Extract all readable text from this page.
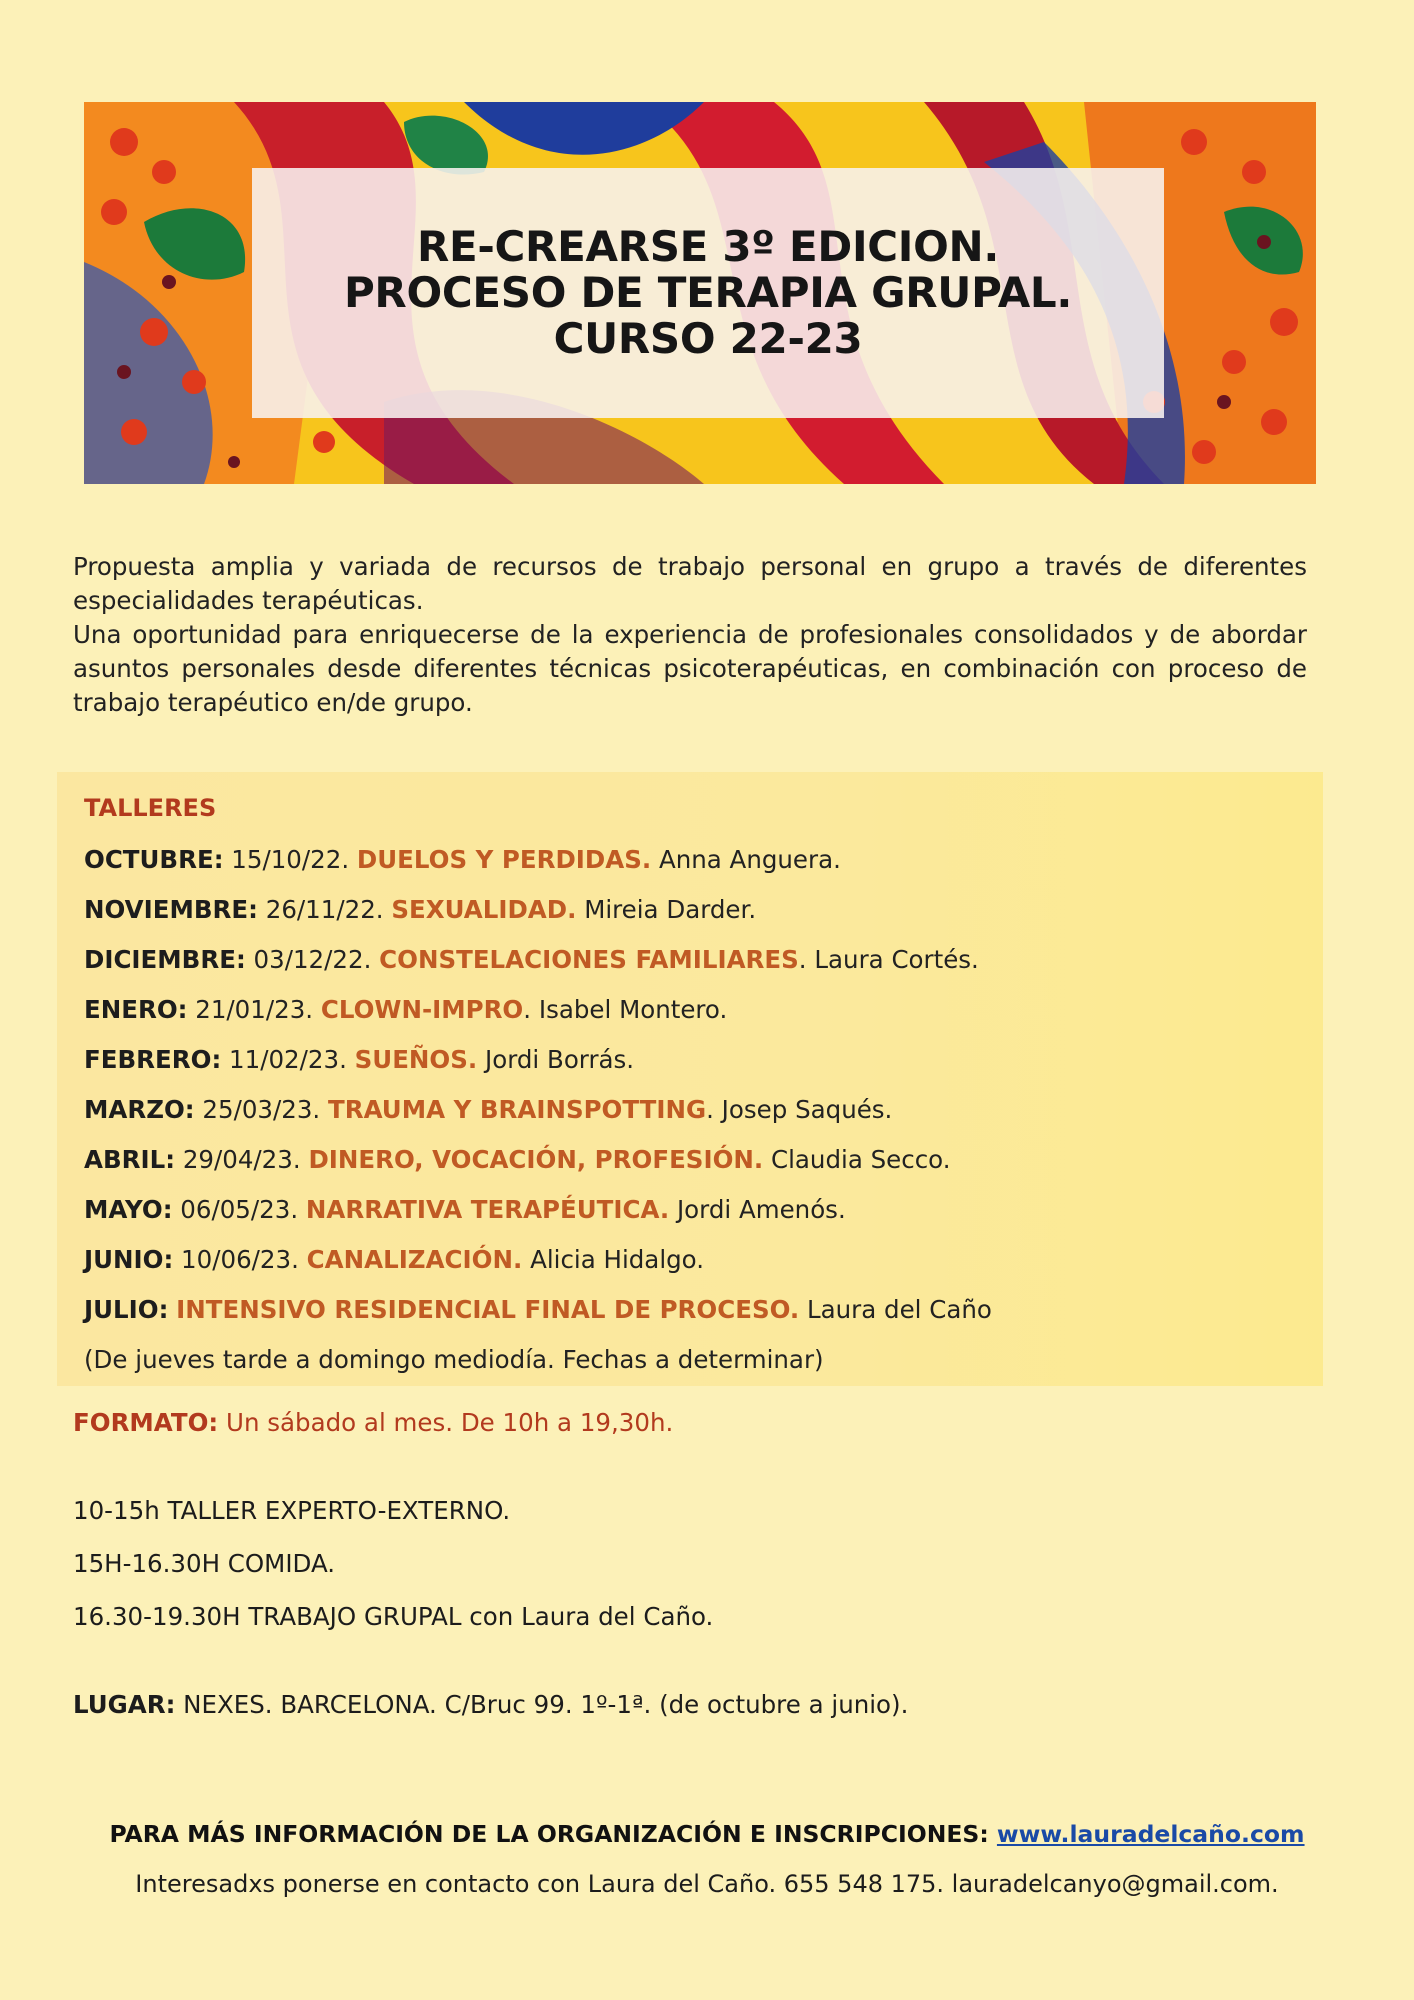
RE-CREARSE 3º EDICION.
PROCESO DE TERAPIA GRUPAL.
CURSO 22-23

Propuesta amplia y variada de recursos de trabajo personal en grupo a través de diferentes especialidades terapéuticas.

Una oportunidad para enriquecerse de la experiencia de profesionales consolidados y de abordar asuntos personales desde diferentes técnicas psicoterapéuticas, en combinación con proceso de trabajo terapéutico en/de grupo.

TALLERES
OCTUBRE: 15/10/22. DUELOS Y PERDIDAS. Anna Anguera.
NOVIEMBRE: 26/11/22. SEXUALIDAD. Mireia Darder.
DICIEMBRE: 03/12/22. CONSTELACIONES FAMILIARES. Laura Cortés.
ENERO: 21/01/23. CLOWN-IMPRO. Isabel Montero.
FEBRERO: 11/02/23. SUEÑOS. Jordi Borrás.
MARZO: 25/03/23. TRAUMA Y BRAINSPOTTING. Josep Saqués.
ABRIL: 29/04/23. DINERO, VOCACIÓN, PROFESIÓN. Claudia Secco.
MAYO: 06/05/23. NARRATIVA TERAPÉUTICA. Jordi Amenós.
JUNIO: 10/06/23. CANALIZACIÓN. Alicia Hidalgo.
JULIO: INTENSIVO RESIDENCIAL FINAL DE PROCESO. Laura del Caño
(De jueves tarde a domingo mediodía. Fechas a determinar)
FORMATO: Un sábado al mes. De 10h a 19,30h.
10-15h TALLER EXPERTO-EXTERNO.
15H-16.30H COMIDA.
16.30-19.30H TRABAJO GRUPAL con Laura del Caño.
LUGAR: NEXES. BARCELONA. C/Bruc 99. 1º-1ª. (de octubre a junio).
PARA MÁS INFORMACIÓN DE LA ORGANIZACIÓN E INSCRIPCIONES: www.lauradelcaño.com
Interesadxs ponerse en contacto con Laura del Caño. 655 548 175. lauradelcanyo@gmail.com.
